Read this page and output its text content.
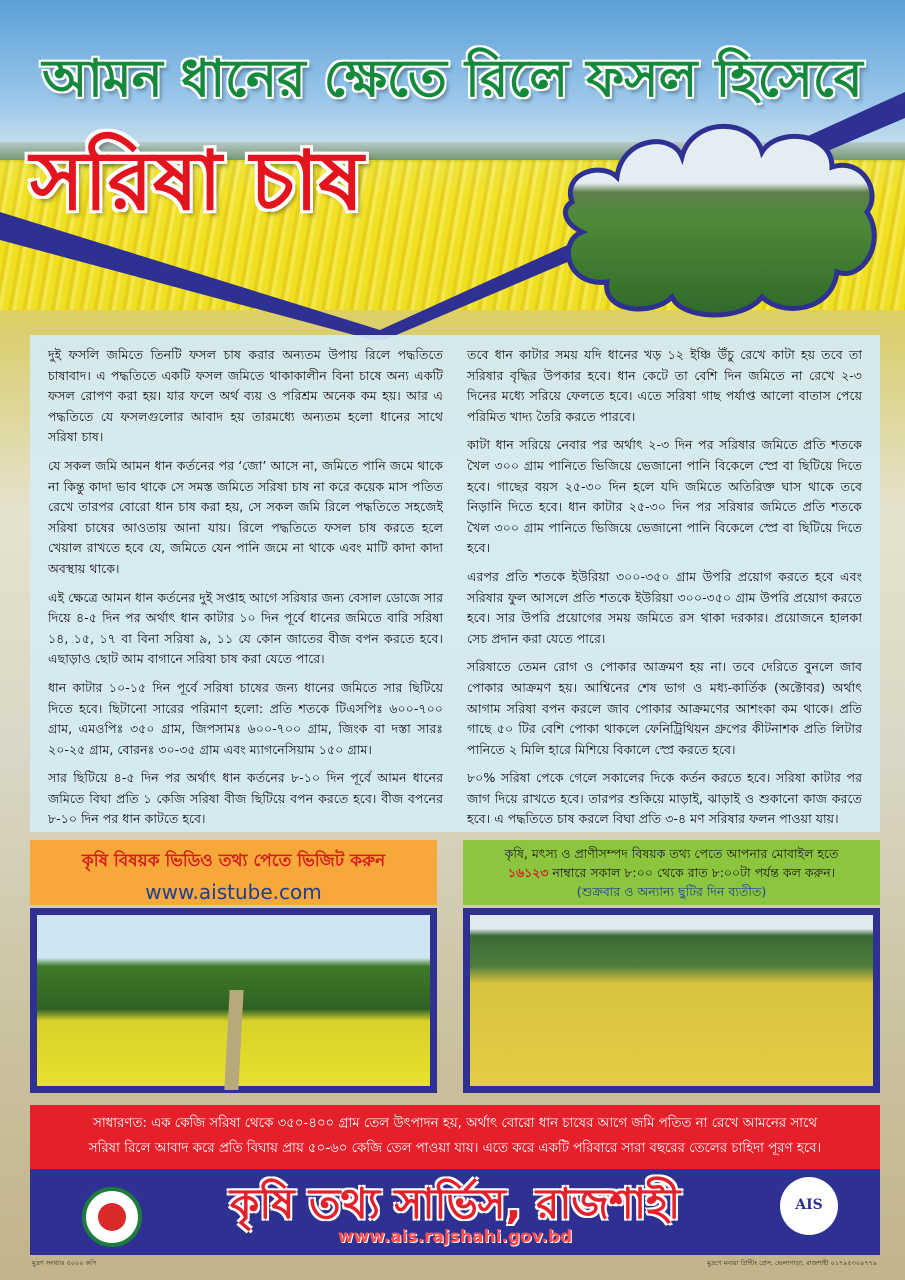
আমন ধানের ক্ষেতে রিলে ফসল হিসেবে
সরিষা চাষ

দুই ফসলি জমিতে তিনটি ফসল চাষ করার অন্যতম উপায় রিলে পদ্ধতিতে চাষাবাদ। এ পদ্ধতিতে একটি ফসল জমিতে থাকাকালীন বিনা চাষে অন্য একটি ফসল রোপণ করা হয়। যার ফলে অর্থ ব্যয় ও পরিশ্রম অনেক কম হয়। আর এ পদ্ধতিতে যে ফসলগুলোর আবাদ হয় তারমধ্যে অন্যতম হলো ধানের সাথে সরিষা চাষ।

যে সকল জমি আমন ধান কর্তনের পর ‘জো’ আসে না, জমিতে পানি জমে থাকে না কিন্তু কাদা ভাব থাকে সে সমস্ত জমিতে সরিষা চাষ না করে কয়েক মাস পতিত রেখে তারপর বোরো ধান চাষ করা হয়, সে সকল জমি রিলে পদ্ধতিতে সহজেই সরিষা চাষের আওতায় আনা যায়। রিলে পদ্ধতিতে ফসল চাষ করতে হলে খেয়াল রাখতে হবে যে, জমিতে যেন পানি জমে না থাকে এবং মাটি কাদা কাদা অবস্থায় থাকে।

এই ক্ষেত্রে আমন ধান কর্তনের দুই সপ্তাহ আগে সরিষার জন্য বেসাল ডোজে সার দিয়ে ৪-৫ দিন পর অর্থাৎ ধান কাটার ১০ দিন পূর্বে ধানের জমিতে বারি সরিষা ১৪, ১৫, ১৭ বা বিনা সরিষা ৯, ১১ যে কোন জাতের বীজ বপন করতে হবে। এছাড়াও ছোট আম বাগানে সরিষা চাষ করা যেতে পারে।

ধান কাটার ১০-১৫ দিন পূর্বে সরিষা চাষের জন্য ধানের জমিতে সার ছিটিয়ে দিতে হবে। ছিটানো সারের পরিমাণ হলো: প্রতি শতকে টিএসপিঃ ৬০০-৭০০ গ্রাম, এমওপিঃ ৩৫০ গ্রাম, জিপসামঃ ৬০০-৭০০ গ্রাম, জিংক বা দস্তা সারঃ ২০-২৫ গ্রাম, বোরনঃ ৩০-৩৫ গ্রাম এবং ম্যাগনেসিয়াম ১৫০ গ্রাম।

সার ছিটিয়ে ৪-৫ দিন পর অর্থাৎ ধান কর্তনের ৮-১০ দিন পূর্বে আমন ধানের জমিতে বিঘা প্রতি ১ কেজি সরিষা বীজ ছিটিয়ে বপন করতে হবে। বীজ বপনের ৮-১০ দিন পর ধান কাটতে হবে।

তবে ধান কাটার সময় যদি ধানের খড় ১২ ইঞ্চি উঁচু রেখে কাটা হয় তবে তা সরিষার বৃদ্ধির উপকার হবে। ধান কেটে তা বেশি দিন জমিতে না রেখে ২-৩ দিনের মধ্যে সরিয়ে ফেলতে হবে। এতে সরিষা গাছ পর্যাপ্ত আলো বাতাস পেয়ে পরিমিত খাদ্য তৈরি করতে পারবে।

কাটা ধান সরিয়ে নেবার পর অর্থাৎ ২-৩ দিন পর সরিষার জমিতে প্রতি শতকে খৈল ৩০০ গ্রাম পানিতে ভিজিয়ে ভেজানো পানি বিকেলে স্প্রে বা ছিটিয়ে দিতে হবে। গাছের বয়স ২৫-৩০ দিন হলে যদি জমিতে অতিরিক্ত ঘাস থাকে তবে নিড়ানি দিতে হবে। ধান কাটার ২৫-৩০ দিন পর সরিষার জমিতে প্রতি শতকে খৈল ৩০০ গ্রাম পানিতে ভিজিয়ে ভেজানো পানি বিকেলে স্প্রে বা ছিটিয়ে দিতে হবে।

এরপর প্রতি শতকে ইউরিয়া ৩০০-৩৫০ গ্রাম উপরি প্রয়োগ করতে হবে এবং সরিষার ফুল আসলে প্রতি শতকে ইউরিয়া ৩০০-৩৫০ গ্রাম উপরি প্রয়োগ করতে হবে। সার উপরি প্রয়োগের সময় জমিতে রস থাকা দরকার। প্রয়োজনে হালকা সেচ প্রদান করা যেতে পারে।

সরিষাতে তেমন রোগ ও পোকার আক্রমণ হয় না। তবে দেরিতে বুনলে জাব পোকার আক্রমণ হয়। আশ্বিনের শেষ ভাগ ও মধ্য-কার্তিক (অক্টোবর) অর্থাৎ আগাম সরিষা বপন করলে জাব পোকার আক্রমণের আশংকা কম থাকে। প্রতি গাছে ৫০ টির বেশি পোকা থাকলে ফেনিট্রিথিয়ন গ্রুপের কীটনাশক প্রতি লিটার পানিতে ২ মিলি হারে মিশিয়ে বিকালে স্প্রে করতে হবে।

৮০% সরিষা পেকে গেলে সকালের দিকে কর্তন করতে হবে। সরিষা কাটার পর জাগ দিয়ে রাখতে হবে। তারপর শুকিয়ে মাড়াই, ঝাড়াই ও শুকানো কাজ করতে হবে। এ পদ্ধতিতে চাষ করলে বিঘা প্রতি ৩-৪ মণ সরিষার ফলন পাওয়া যায়।

কৃষি বিষয়ক ভিডিও তথ্য পেতে ভিজিট করুন
www.aistube.com
কৃষি, মৎস্য ও প্রাণীসম্পদ বিষয়ক তথ্য পেতে আপনার মোবাইল হতে
১৬১২৩ নাম্বারে সকাল ৮:০০ থেকে রাত ৮:০০টা পর্যন্ত কল করুন।
(শুক্রবার ও অন্যান্য ছুটির দিন ব্যতীত)
সাধারণত: এক কেজি সরিষা থেকে ৩৫০-৪০০ গ্রাম তেল উৎপাদন হয়, অর্থাৎ বোরো ধান চাষের আগে জমি পতিত না রেখে আমনের সাথে
সরিষা রিলে আবাদ করে প্রতি বিঘায় প্রায় ৫০-৬০ কেজি তেল পাওয়া যায়। এতে করে একটি পরিবারে সারা বছরের তেলের চাহিদা পূরণ হবে।
কৃষি তথ্য সার্ভিস, রাজশাহী
www.ais.rajshahi.gov.bd
AIS
মুদ্রণ সংখ্যাঃ ৫০০০ কপি	মুদ্রণে মনারা প্রিন্টিং প্রেস, ভেলাপাড়া, রাজশাহী ০১৭৯৫৩০৯৭৭৯
